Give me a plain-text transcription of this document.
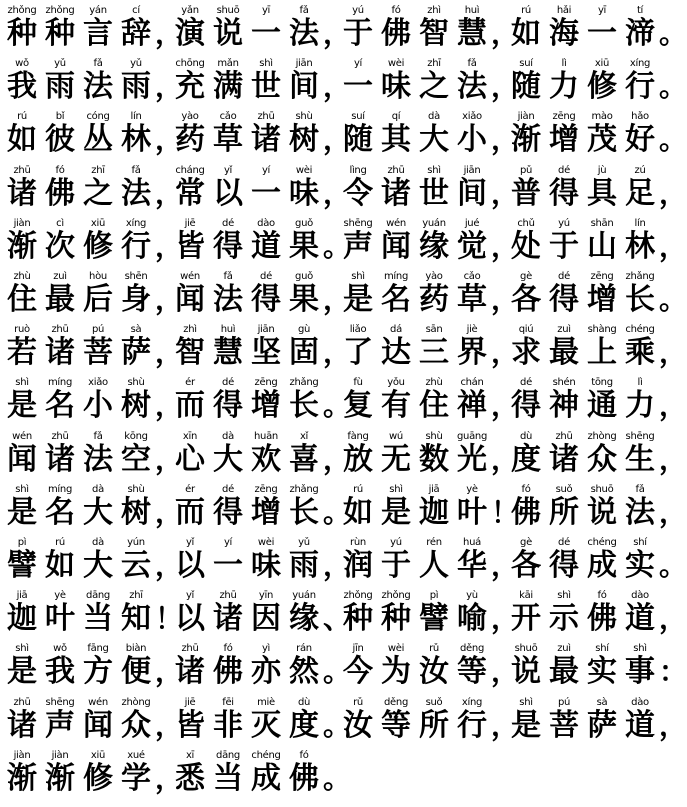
zhǒng
种
zhǒng
种
yán
言
cí
辞 ，
yǎn
演
shuō
说
yī
一
fǎ
法 ，
yú
于
fó
佛
zhì
智
huì
慧 ，
rú
如
hǎi
海
yī
一
tí
渧 。
wǒ
我
yǔ
雨
fǎ
法
yǔ
雨 ，
chōng
充
mǎn
满
shì
世
jiān
间 ，
yí
一
wèi
味
zhī
之
fǎ
法 ，
suí
随
lì
力
xiū
修
xíng
行 。
rú
如
bǐ
彼
cóng
丛
lín
林 ，
yào
药
cǎo
草
zhū
诸
shù
树 ，
suí
随
qí
其
dà
大
xiǎo
小 ，
jiàn
渐
zēng
增
mào
茂
hǎo
好 。
zhū
诸
fó
佛
zhī
之
fǎ
法 ，
cháng
常
yǐ
以
yí
一
wèi
味 ，
lìng
令
zhū
诸
shì
世
jiān
间 ，
pǔ
普
dé
得
jù
具
zú
足 ，
jiàn
渐
cì
次
xiū
修
xíng
行 ，
jiē
皆
dé
得
dào
道
guǒ
果 。
shēng
声
wén
闻
yuán
缘
jué
觉 ，
chǔ
处
yú
于
shān
山
lín
林 ，
zhù
住
zuì
最
hòu
后
shēn
身 ，
wén
闻
fǎ
法
dé
得
guǒ
果 ，
shì
是
míng
名
yào
药
cǎo
草 ，
gè
各
dé
得
zēng
增
zhǎng
长 。
ruò
若
zhū
诸
pú
菩
sà
萨 ，
zhì
智
huì
慧
jiān
坚
gù
固 ，
liǎo
了
dá
达
sān
三
jiè
界 ，
qiú
求
zuì
最
shàng
上
chéng
乘 ，
shì
是
míng
名
xiǎo
小
shù
树 ，
ér
而
dé
得
zēng
增
zhǎng
长 。
fù
复
yǒu
有
zhù
住
chán
禅 ，
dé
得
shén
神
tōng
通
lì
力 ，
wén
闻
zhū
诸
fǎ
法
kōng
空 ，
xīn
心
dà
大
huān
欢
xǐ
喜 ，
fàng
放
wú
无
shù
数
guāng
光 ，
dù
度
zhū
诸
zhòng
众
shēng
生 ，
shì
是
míng
名
dà
大
shù
树 ，
ér
而
dé
得
zēng
增
zhǎng
长 。
rú
如
shì
是
jiā
迦
yè
叶 ！
fó
佛
suǒ
所
shuō
说
fǎ
法 ，
pì
譬
rú
如
dà
大
yún
云 ，
yǐ
以
yí
一
wèi
味
yǔ
雨 ，
rùn
润
yú
于
rén
人
huá
华 ，
gè
各
dé
得
chéng
成
shí
实 。
jiā
迦
yè
叶
dāng
当
zhī
知 ！
yǐ
以
zhū
诸
yīn
因
yuán
缘 、
zhǒng
种
zhǒng
种
pì
譬
yù
喻 ，
kāi
开
shì
示
fó
佛
dào
道 ，
shì
是
wǒ
我
fāng
方
biàn
便 ，
zhū
诸
fó
佛
yì
亦
rán
然 。
jīn
今
wèi
为
rǔ
汝
děng
等 ，
shuō
说
zuì
最
shí
实
shì
事 ：
zhū
诸
shēng
声
wén
闻
zhòng
众 ，
jiē
皆
fēi
非
miè
灭
dù
度 。
rǔ
汝
děng
等
suǒ
所
xíng
行 ，
shì
是
pú
菩
sà
萨
dào
道 ，
jiàn
渐
jiàn
渐
xiū
修
xué
学 ，
xī
悉
dāng
当
chéng
成
fó
佛 。
